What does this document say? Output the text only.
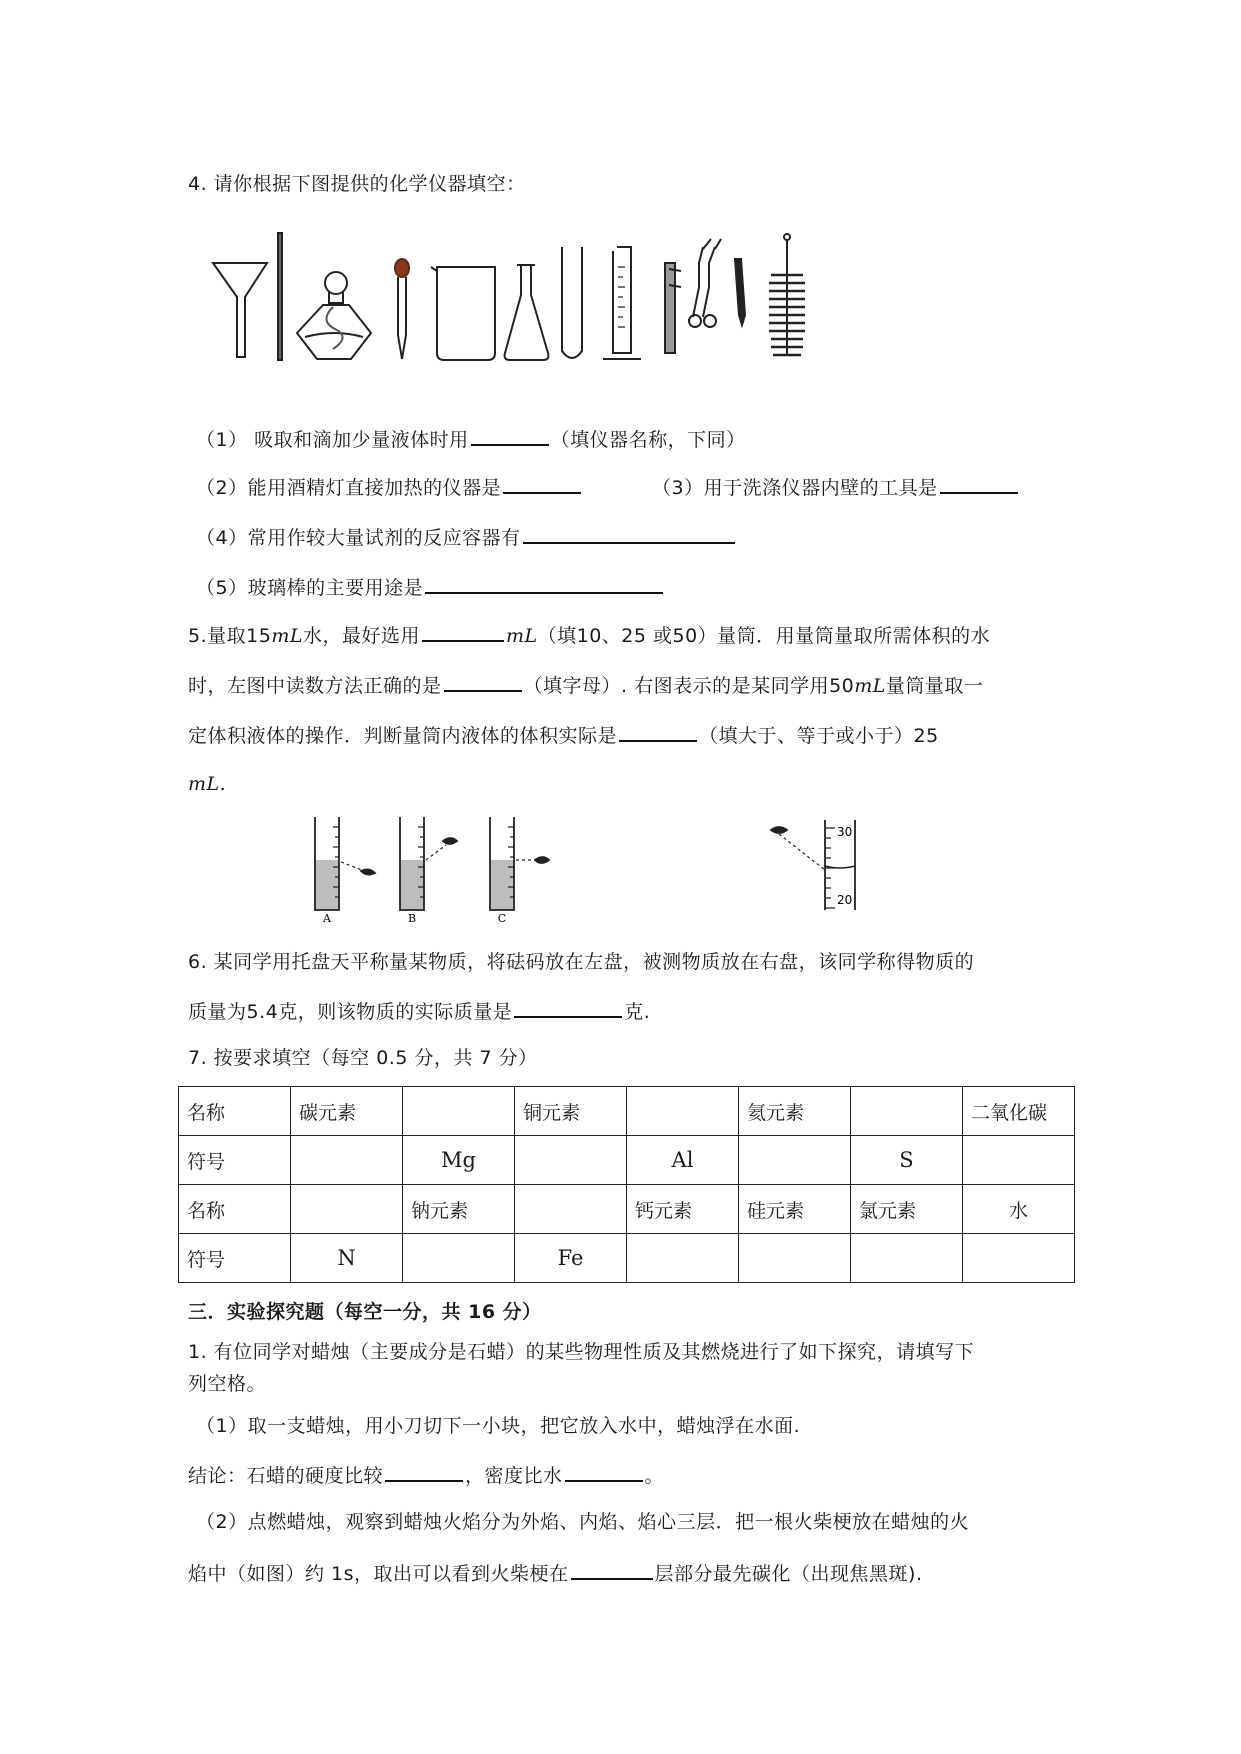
4. 请你根据下图提供的化学仪器填空：
（1） 吸取和滴加少量液体时用	（填仪器名称，下同）
（2）能用酒精灯直接加热的仪器是	（3）用于洗涤仪器内壁的工具是
（4）常用作较大量试剂的反应容器有
（5）玻璃棒的主要用途是
5.量取15mL水，最好选用	mL（填10、25 或50）量筒．用量筒量取所需体积的水
时，左图中读数方法正确的是	（填字母）. 右图表示的是某同学用50mL量筒量取一
定体积液体的操作．判断量筒内液体的体积实际是	（填大于、等于或小于）25
mL.
A	B	C
30
20
6. 某同学用托盘天平称量某物质，将砝码放在左盘，被测物质放在右盘，该同学称得物质的
质量为5.4克，则该物质的实际质量是	克.
7. 按要求填空（每空 0.5 分，共 7 分）
名称	碳元素		铜元素		氦元素		二氧化碳
符号		Mg		Al		S	
名称		钠元素		钙元素	硅元素	氯元素	水
符号	N		Fe				
三．实验探究题（每空一分，共 16 分）
1. 有位同学对蜡烛（主要成分是石蜡）的某些物理性质及其燃烧进行了如下探究，请填写下
列空格。
（1）取一支蜡烛，用小刀切下一小块，把它放入水中，蜡烛浮在水面.
结论：石蜡的硬度比较	，密度比水	。
（2）点燃蜡烛，观察到蜡烛火焰分为外焰、内焰、焰心三层．把一根火柴梗放在蜡烛的火
焰中（如图）约 1s，取出可以看到火柴梗在	层部分最先碳化（出现焦黑斑).
